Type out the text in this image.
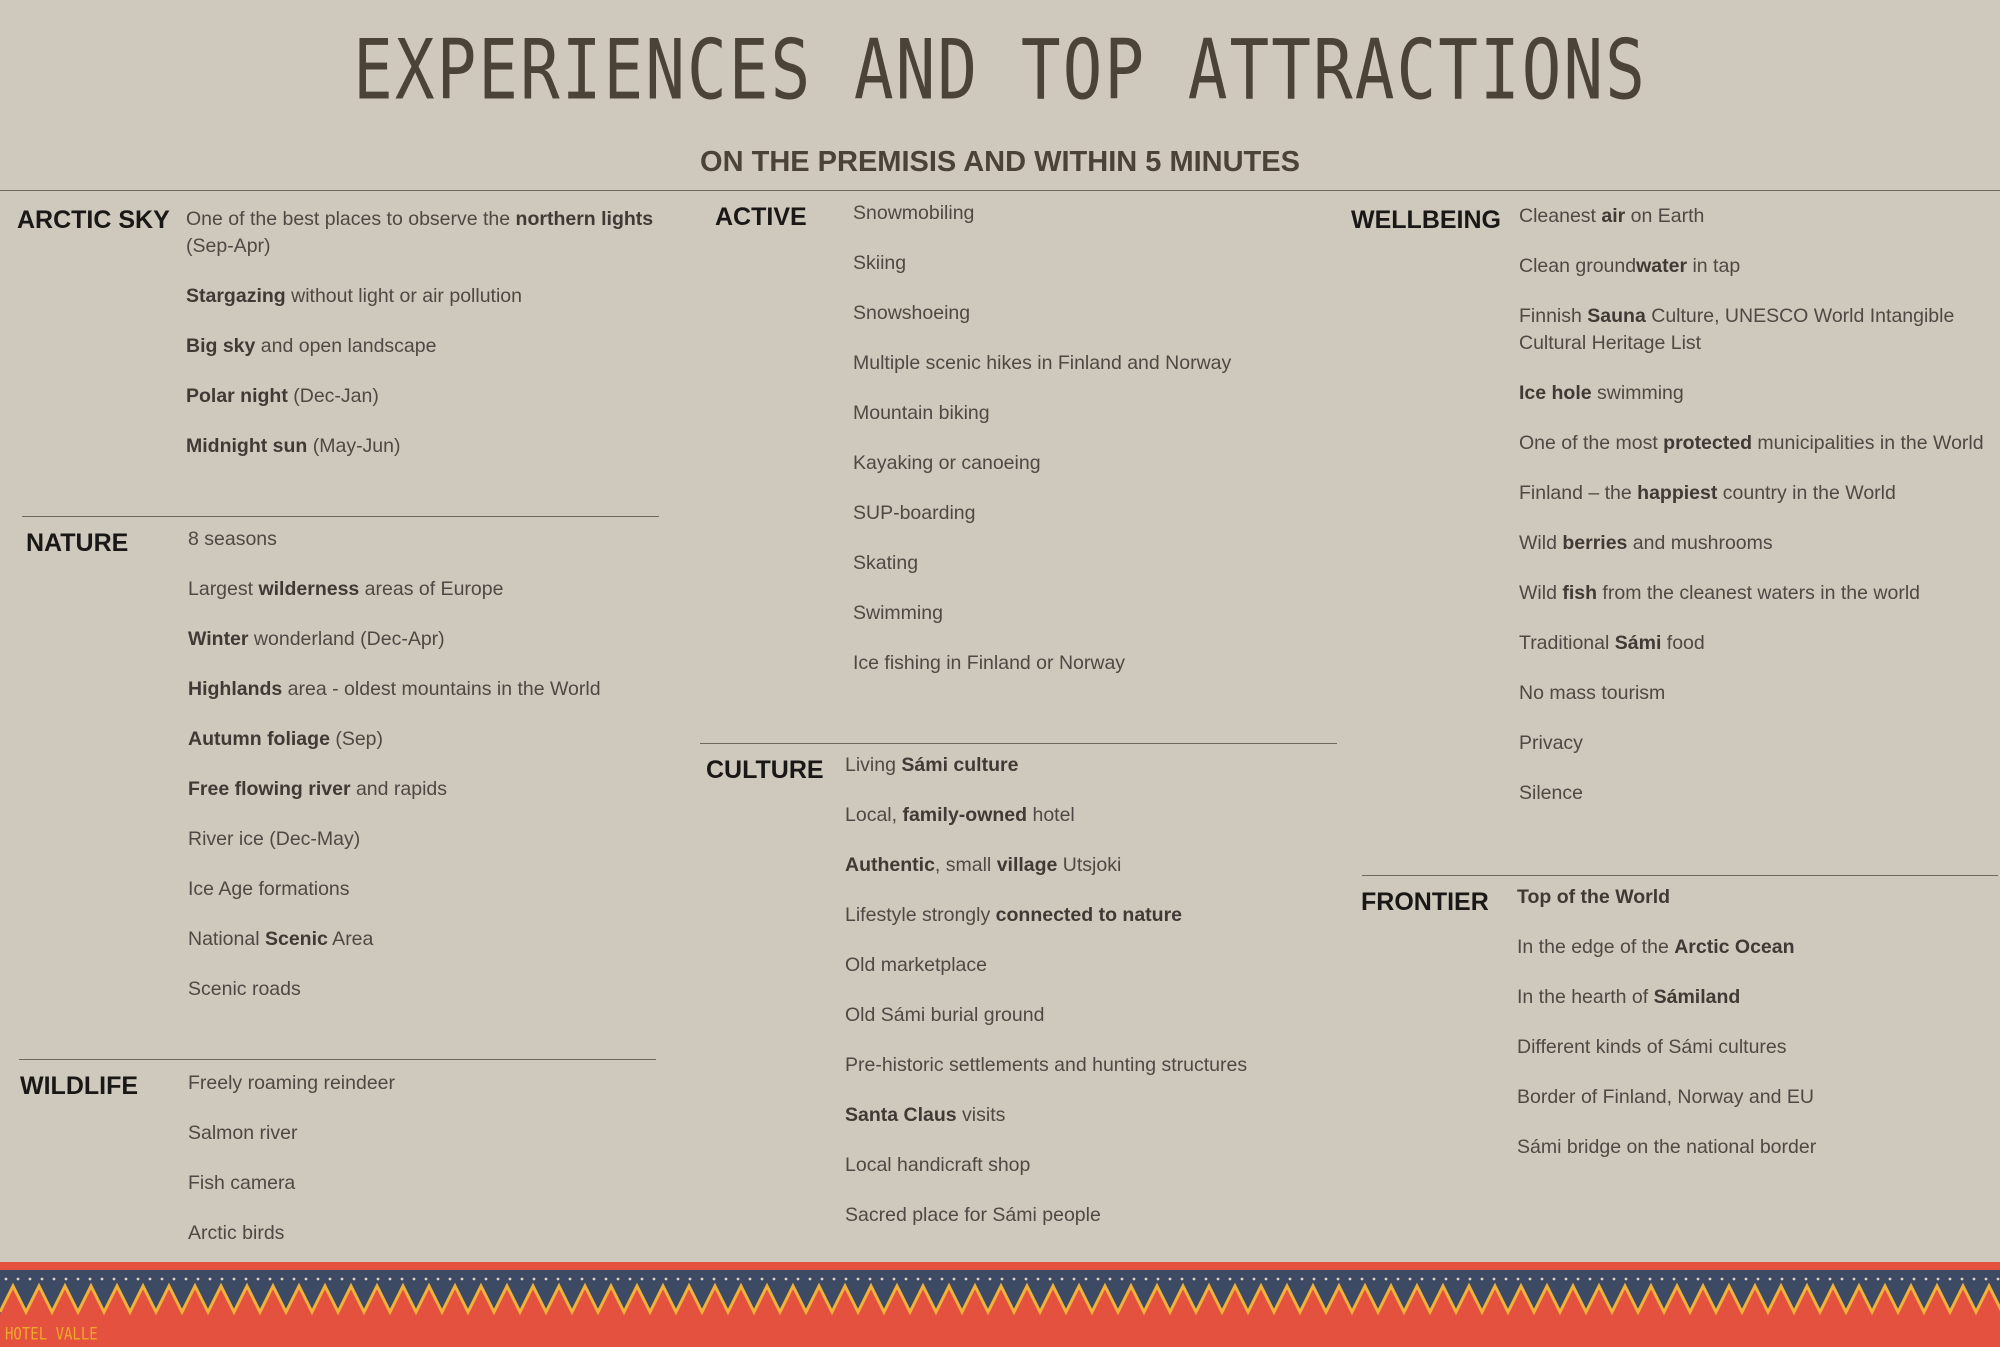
EXPERIENCES AND TOP ATTRACTIONS
ON THE PREMISIS AND WITHIN 5 MINUTES
ARCTIC SKY One of the best places to observe the northern lights (Sep-Apr)
Stargazing without light or air pollution
Big sky and open landscape
Polar night (Dec-Jan)
Midnight sun (May-Jun)
NATURE	8 seasons
Largest wilderness areas of Europe
Winter wonderland (Dec-Apr)
Highlands area - oldest mountains in the World
Autumn foliage (Sep)
Free flowing river and rapids
River ice (Dec-May)
Ice Age formations
National Scenic Area
Scenic roads
WILDLIFE	Freely roaming reindeer
Salmon river
Fish camera
Arctic birds
ACTIVE Snowmobiling
Skiing
Snowshoeing
Multiple scenic hikes in Finland and Norway
Mountain biking
Kayaking or canoeing
SUP-boarding
Skating
Swimming
Ice fishing in Finland or Norway
CULTURE Living Sámi culture
Local, family-owned hotel
Authentic, small village Utsjoki
Lifestyle strongly connected to nature
Old marketplace
Old Sámi burial ground
Pre-historic settlements and hunting structures
Santa Claus visits
Local handicraft shop
Sacred place for Sámi people
WELLBEING Cleanest air on Earth
Clean groundwater in tap
Finnish Sauna Culture, UNESCO World Intangible Cultural Heritage List
Ice hole swimming
One of the most protected municipalities in the World
Finland – the happiest country in the World
Wild berries and mushrooms
Wild fish from the cleanest waters in the world
Traditional Sámi food
No mass tourism
Privacy
Silence
FRONTIER Top of the World
In the edge of the Arctic Ocean
In the hearth of Sámiland
Different kinds of Sámi cultures
Border of Finland, Norway and EU
Sámi bridge on the national border
HOTEL VALLE
